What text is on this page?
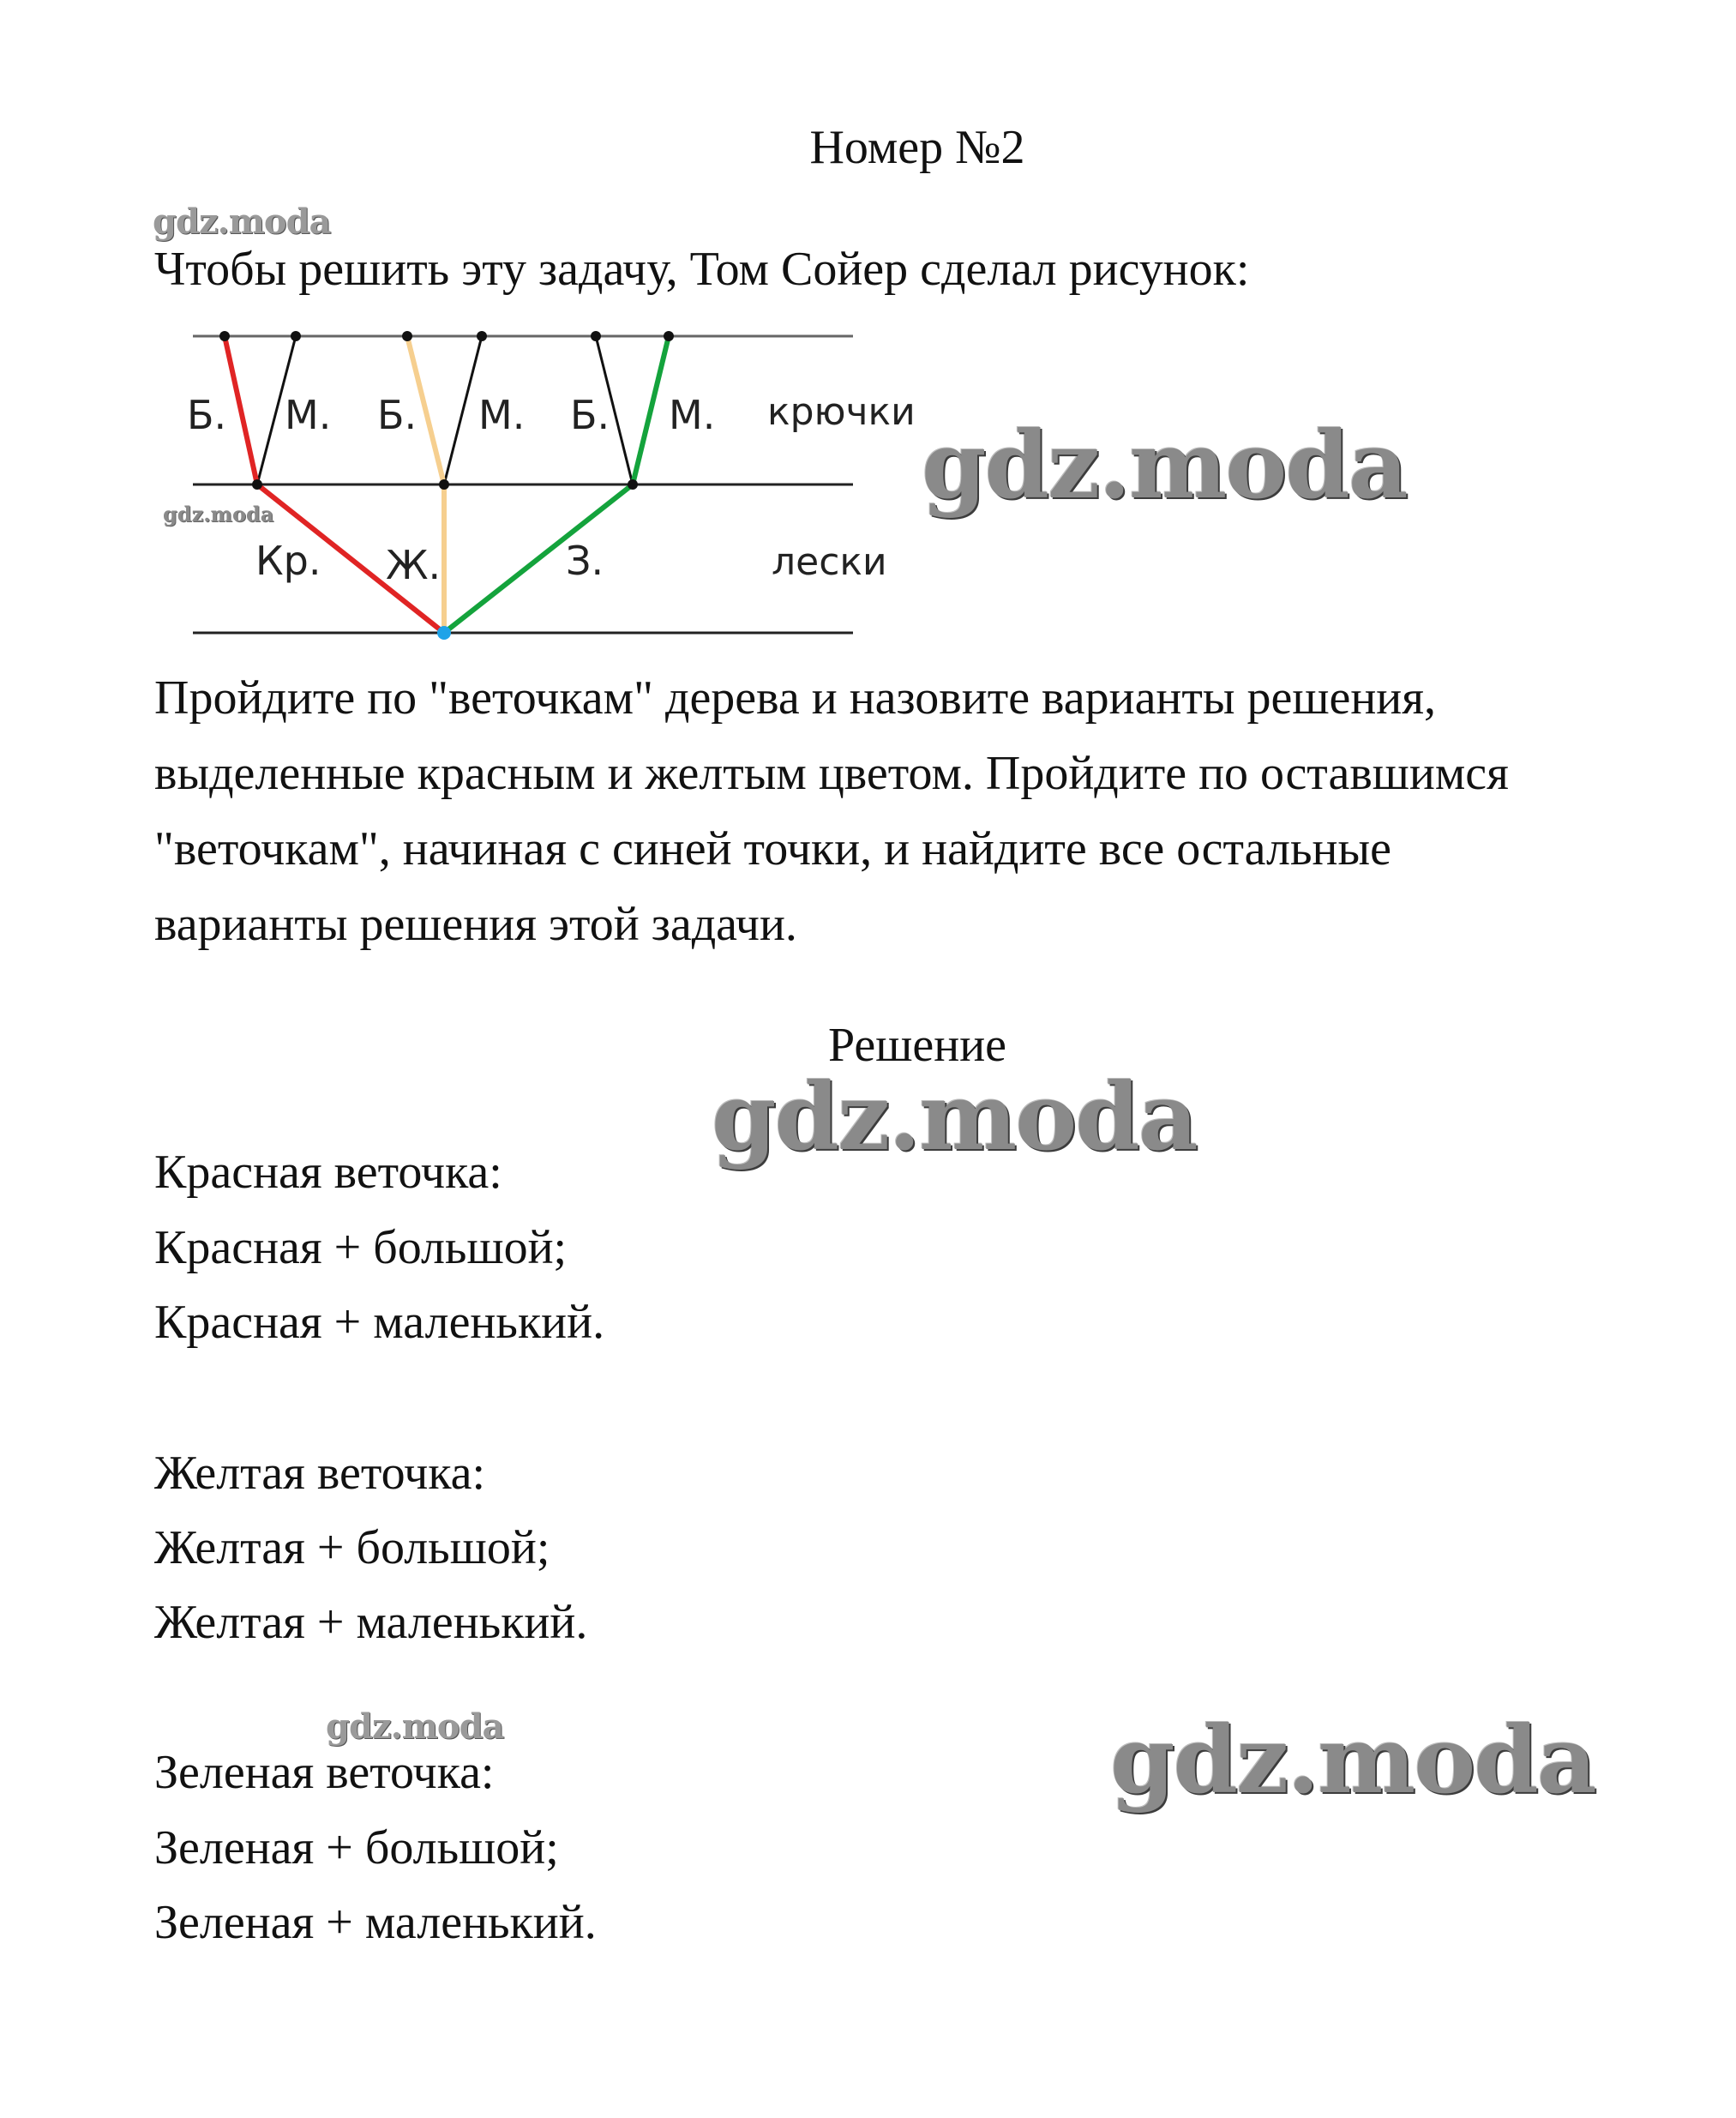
Номер №2
gdz.moda
Чтобы решить эту задачу, Том Сойер сделал рисунок:
Б. М. Б. М. Б. М. крючки
Кр. Ж.	З.	лески
gdz.moda	gdz.moda
Пройдите по "веточкам" дерева и назовите варианты решения,
выделенные красным и желтым цветом. Пройдите по оставшимся
"веточкам", начиная с синей точки, и найдите все остальные
варианты решения этой задачи.
Решение
gdz.moda
Красная веточка:
Красная + большой;
Красная + маленький.
Желтая веточка:
Желтая + большой;
Желтая + маленький.
gdz.moda
Зеленая веточка:
Зеленая + большой;
Зеленая + маленький.
gdz.moda
